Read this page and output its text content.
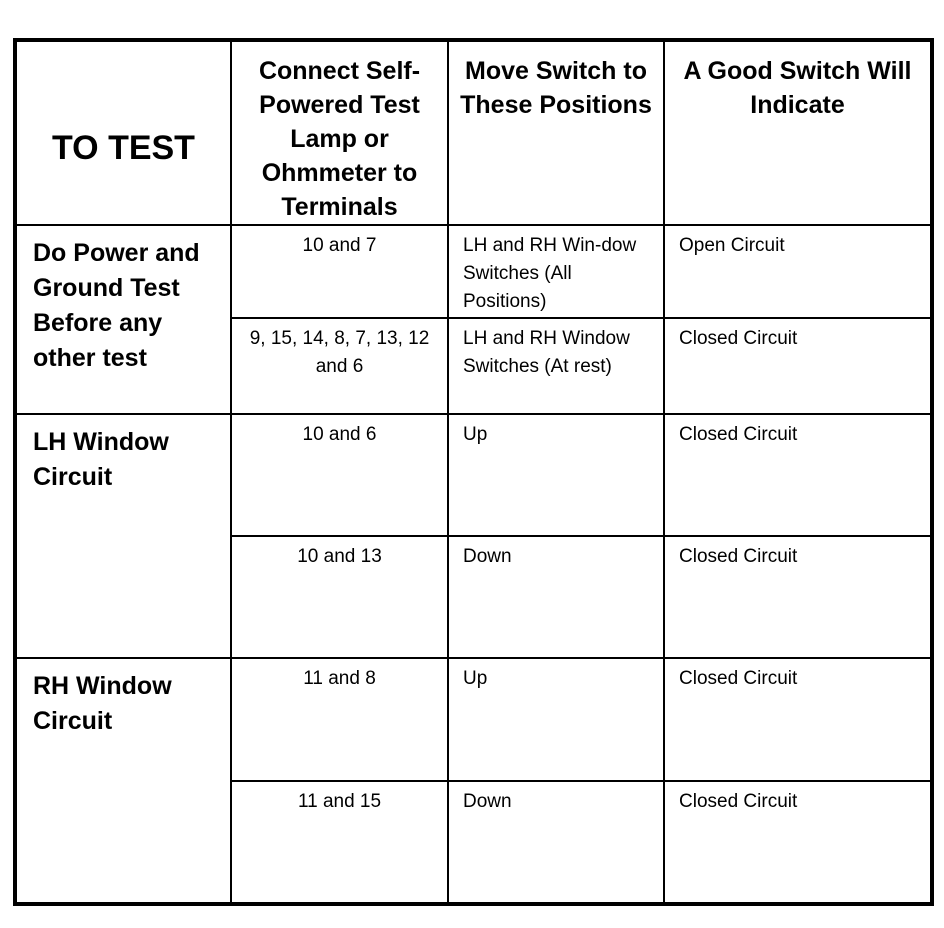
TO TEST	Connect Self-Powered Test Lamp or Ohmmeter to Terminals	Move Switch to These Positions	A Good Switch Will Indicate
Do Power and Ground Test Before any other test	10 and 7	LH and RH Win-dow Switches (All Positions)	Open Circuit
	9, 15, 14, 8, 7, 13, 12 and 6	LH and RH Window Switches (At rest)	Closed Circuit
LH Window Circuit	10 and 6	Up	Closed Circuit
	10 and 13	Down	Closed Circuit
RH Window Circuit	11 and 8	Up	Closed Circuit
	11 and 15	Down	Closed Circuit
